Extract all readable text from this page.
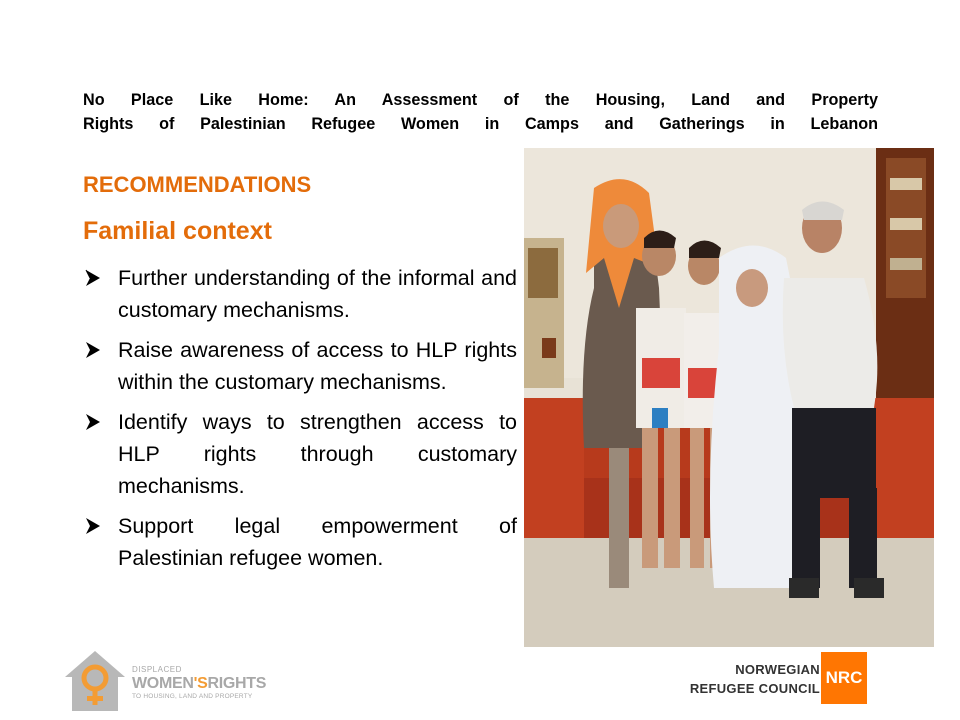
No Place Like Home: An Assessment of the Housing, Land and Property
Rights of Palestinian Refugee Women in Camps and Gatherings in Lebanon
RECOMMENDATIONS
Familial context
Further understanding of the informal and customary mechanisms.
Raise awareness of access to HLP rights within the customary mechanisms.
Identify ways to strengthen access to HLP rights through customary mechanisms.
Support legal empowerment of Palestinian refugee women.
DISPLACED
WOMEN'SRIGHTS
TO HOUSING, LAND AND PROPERTY
NORWEGIAN
REFUGEE COUNCIL
NRC
